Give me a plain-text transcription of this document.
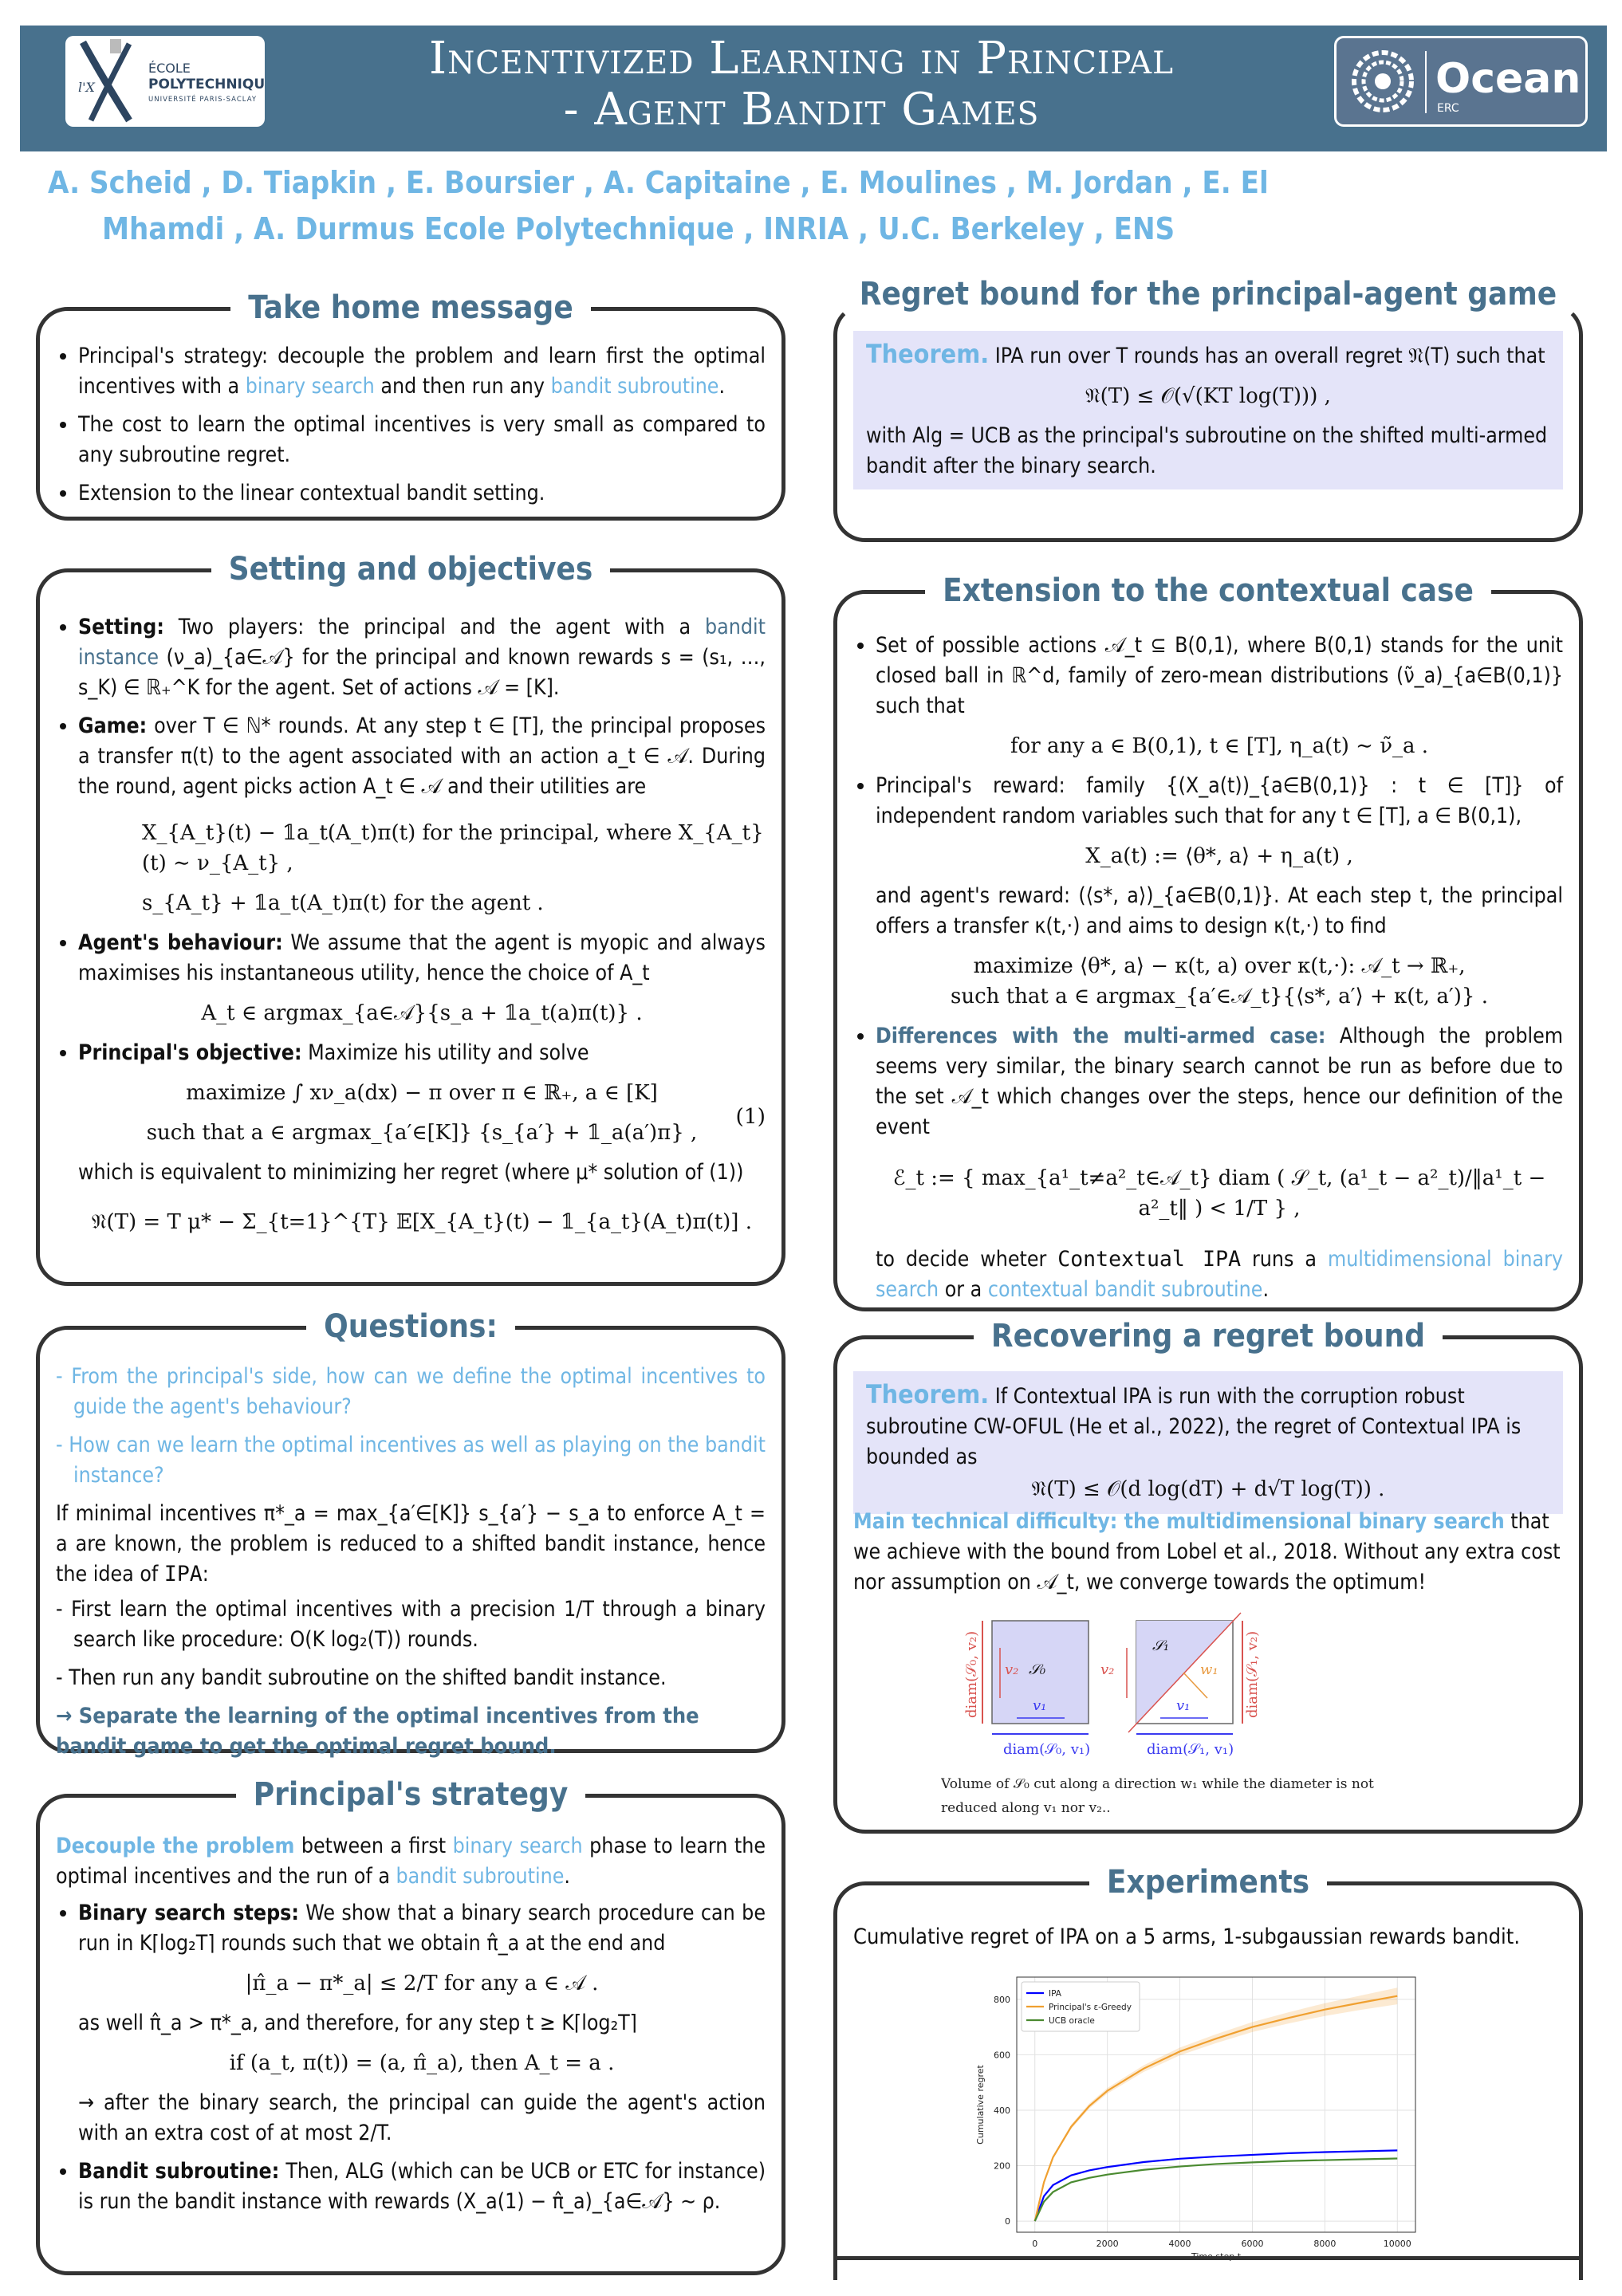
l'X
ÉCOLE
POLYTECHNIQUE
UNIVERSITÉ PARIS-SACLAY
Incentivized Learning in Principal
- Agent Bandit Games
Ocean
ERC
A. Scheid , D. Tiapkin , E. Boursier , A. Capitaine , E. Moulines , M. Jordan , E. El
Mhamdi , A. Durmus Ecole Polytechnique , INRIA , U.C. Berkeley , ENS
Take home message
• Principal's strategy: decouple the problem and learn first the optimal incentives with a binary search and then run any bandit subroutine.
• The cost to learn the optimal incentives is very small as compared to any subroutine regret.
• Extension to the linear contextual bandit setting.
Setting and objectives
• Setting: Two players: the principal and the agent with a bandit instance (ν_a)_{a∈𝒜} for the principal and known rewards s = (s₁, …, s_K) ∈ ℝ₊^K for the agent. Set of actions 𝒜 = [K].
• Game: over T ∈ ℕ* rounds. At any step t ∈ [T], the principal proposes a transfer π(t) to the agent associated with an action a_t ∈ 𝒜. During the round, agent picks action A_t ∈ 𝒜 and their utilities are
X_{A_t}(t) − 𝟙a_t(A_t)π(t) for the principal, where X_{A_t}(t) ∼ ν_{A_t} ,
s_{A_t} + 𝟙a_t(A_t)π(t) for the agent .
• Agent's behaviour: We assume that the agent is myopic and always maximises his instantaneous utility, hence the choice of A_t
A_t ∈ argmax_{a∈𝒜}{s_a + 𝟙a_t(a)π(t)} .
• Principal's objective: Maximize his utility and solve
maximize ∫ xν_a(dx) − π over π ∈ ℝ₊, a ∈ [K]
such that a ∈ argmax_{a′∈[K]} {s_{a′} + 𝟙_a(a′)π} ,
(1)
which is equivalent to minimizing her regret (where μ* solution of (1))
𝔑(T) = T μ* − Σ_{t=1}^{T} 𝔼[X_{A_t}(t) − 𝟙_{a_t}(A_t)π(t)] .
Questions:
- From the principal's side, how can we define the optimal incentives to guide the agent's behaviour?
- How can we learn the optimal incentives as well as playing on the bandit instance?
If minimal incentives π*_a = max_{a′∈[K]} s_{a′} − s_a to enforce A_t = a are known, the problem is reduced to a shifted bandit instance, hence the idea of IPA:
- First learn the optimal incentives with a precision 1/T through a binary search like procedure: O(K log₂(T)) rounds.
- Then run any bandit subroutine on the shifted bandit instance.
→ Separate the learning of the optimal incentives from the bandit game to get the optimal regret bound.
Principal's strategy
Decouple the problem between a first binary search phase to learn the optimal incentives and the run of a bandit subroutine.
• Binary search steps: We show that a binary search procedure can be run in K⌈log₂T⌉ rounds such that we obtain π̂_a at the end and
|π̂_a − π*_a| ≤ 2/T for any a ∈ 𝒜 .
as well π̂_a > π*_a, and therefore, for any step t ≥ K⌈log₂T⌉
if (a_t, π(t)) = (a, π̂_a), then A_t = a .
→ after the binary search, the principal can guide the agent's action with an extra cost of at most 2/T.
• Bandit subroutine: Then, ALG (which can be UCB or ETC for instance) is run the bandit instance with rewards (X_a(1) − π̂_a)_{a∈𝒜} ∼ ρ.
Regret bound for the principal-agent game
Theorem. IPA run over T rounds has an overall regret 𝔑(T) such that
𝔑(T) ≤ 𝒪(√(KT log(T))) ,
with Alg = UCB as the principal's subroutine on the shifted multi-armed bandit after the binary search.
Extension to the contextual case
• Set of possible actions 𝒜_t ⊆ B(0,1), where B(0,1) stands for the unit closed ball in ℝ^d, family of zero-mean distributions (ν̃_a)_{a∈B(0,1)} such that
for any a ∈ B(0,1), t ∈ [T], η_a(t) ∼ ν̃_a .
• Principal's reward: family {(X_a(t))_{a∈B(0,1)} : t ∈ [T]} of independent random variables such that for any t ∈ [T], a ∈ B(0,1),
X_a(t) := ⟨θ*, a⟩ + η_a(t) ,
and agent's reward: (⟨s*, a⟩)_{a∈B(0,1)}. At each step t, the principal offers a transfer κ(t,·) and aims to design κ(t,·) to find
maximize ⟨θ*, a⟩ − κ(t, a) over κ(t,·): 𝒜_t → ℝ₊,
such that a ∈ argmax_{a′∈𝒜_t}{⟨s*, a′⟩ + κ(t, a′)} .
• Differences with the multi-armed case: Although the problem seems very similar, the binary search cannot be run as before due to the set 𝒜_t which changes over the steps, hence our definition of the event
ℰ_t := { max_{a¹_t≠a²_t∈𝒜_t} diam ( 𝒮_t, (a¹_t − a²_t)/‖a¹_t − a²_t‖ ) < 1/T } ,
to decide wheter Contextual IPA runs a multidimensional binary search or a contextual bandit subroutine.
Recovering a regret bound
Theorem. If Contextual IPA is run with the corruption robust subroutine CW-OFUL (He et al., 2022), the regret of Contextual IPA is bounded as
𝔑(T) ≤ 𝒪(d log(dT) + d√T log(T)) .
Main technical difficulty: the multidimensional binary search that we achieve with the bound from Lobel et al., 2018. Without any extra cost nor assumption on 𝒜_t, we converge towards the optimum!
diam(𝒮₀, v₂)
diam(𝒮₀, v₁)
v₂ 𝒮₀
v₁
w₁
𝒮₁
v₂
v₁	diam(𝒮₁, v₂)
diam(𝒮₁, v₁)
Volume of 𝒮₀ cut along a direction w₁ while the diameter is not
reduced along v₁ nor v₂..
Experiments
Cumulative regret of IPA on a 5 arms, 1-subgaussian rewards bandit.
0	2000	4000	6000	8000	10000
0
200
400
600
800
Cumulative regret
IPA
Principal's ε-Greedy
UCB oracle
